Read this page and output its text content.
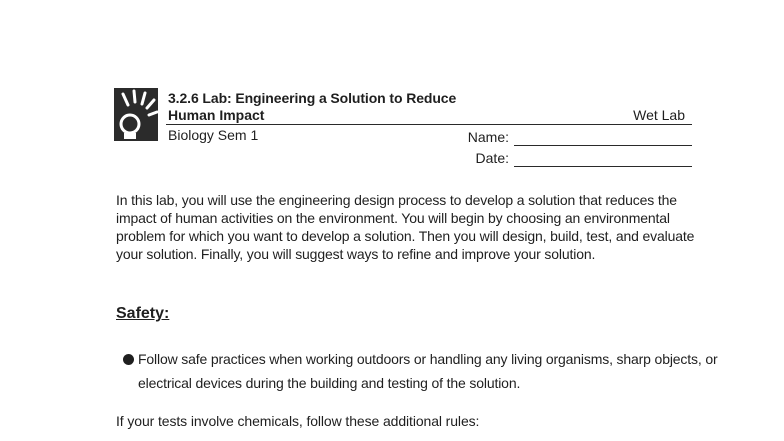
3.2.6 Lab: Engineering a Solution to Reduce
Human Impact	Wet Lab
Biology Sem 1	Name:
Date:

In this lab, you will use the engineering design process to develop a solution that reduces the impact of human activities on the environment. You will begin by choosing an environmental problem for which you want to develop a solution. Then you will design, build, test, and evaluate your solution. Finally, you will suggest ways to refine and improve your solution.

Safety:
Follow safe practices when working outdoors or handling any living organisms, sharp objects, or electrical devices during the building and testing of the solution.
If your tests involve chemicals, follow these additional rules:
